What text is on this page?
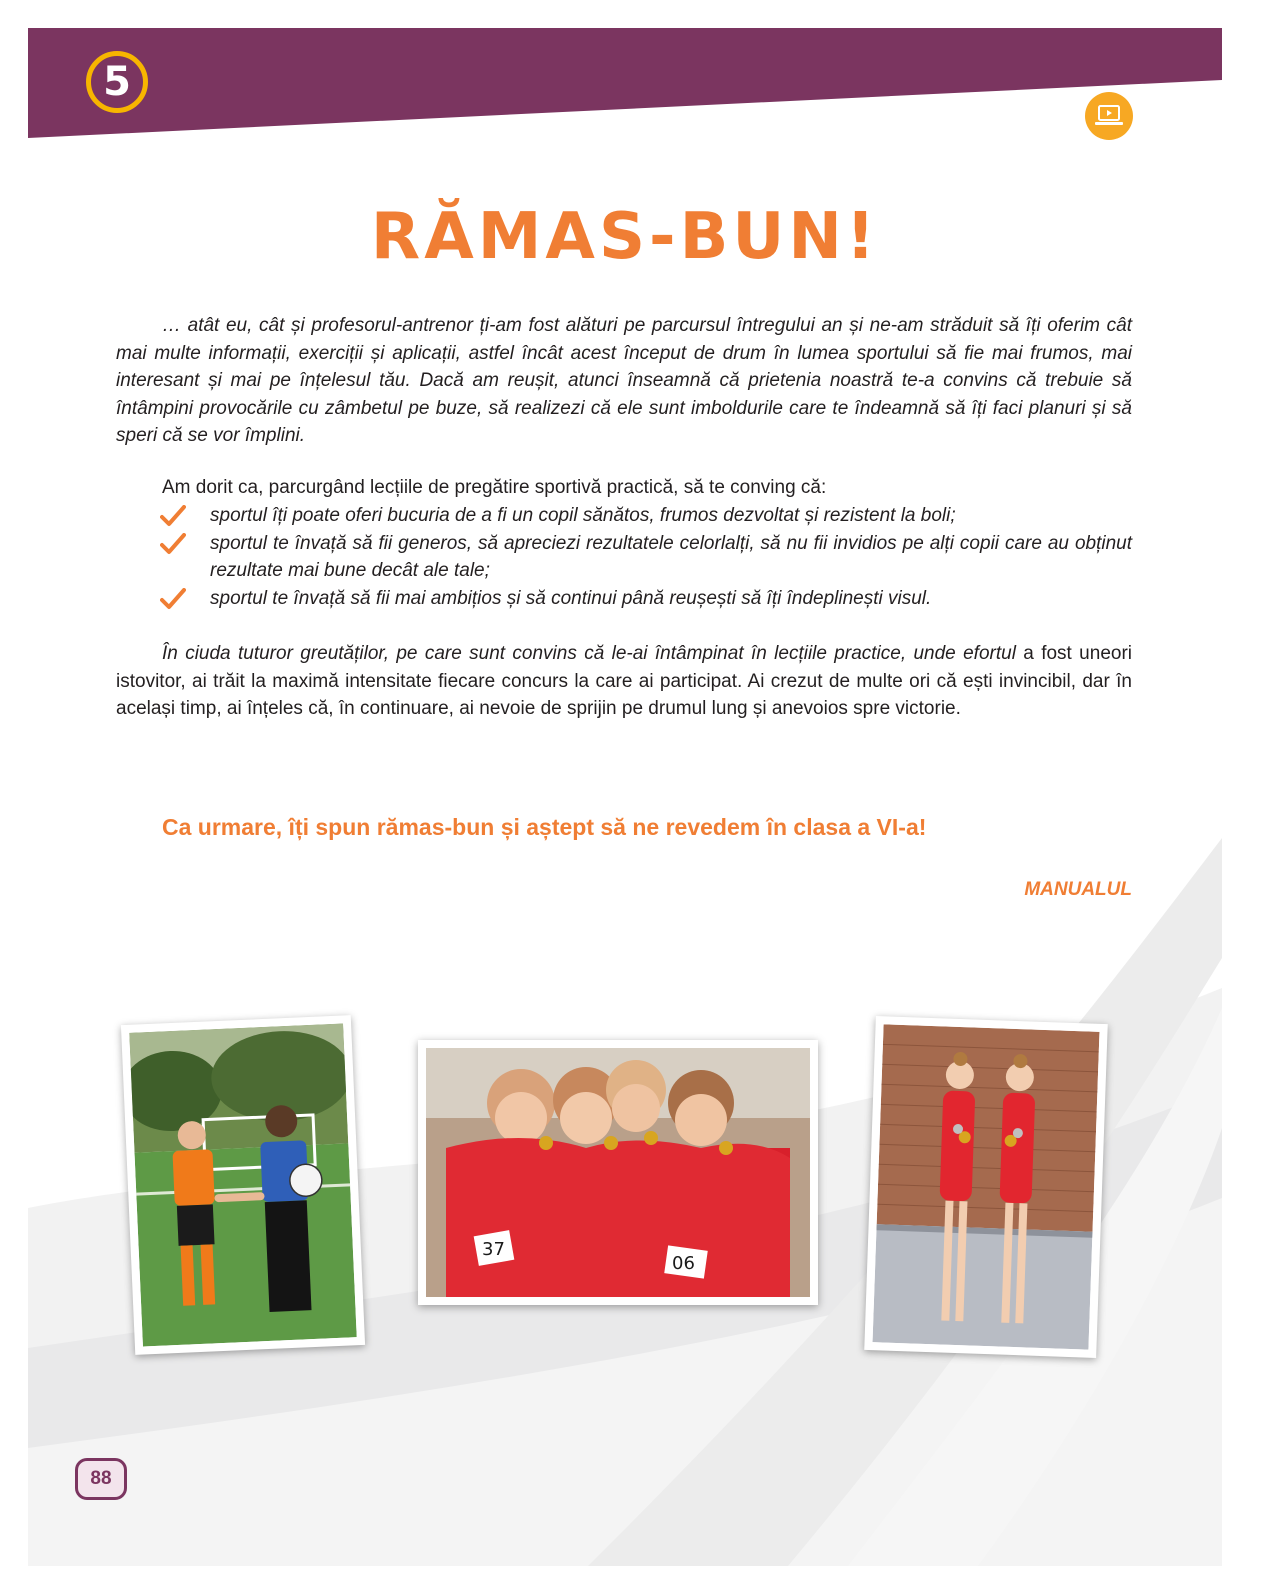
5
RĂMAS-BUN!

… atât eu, cât și profesorul-antrenor ți-am fost alături pe parcursul întregului an și ne-am străduit să îți oferim cât mai multe informații, exerciții și aplicații, astfel încât acest început de drum în lumea sportului să fie mai frumos, mai interesant și mai pe înțelesul tău. Dacă am reușit, atunci înseamnă că prietenia noastră te-a convins că trebuie să întâmpini provocările cu zâmbetul pe buze, să realizezi că ele sunt imboldurile care te îndeamnă să îți faci planuri și să speri că se vor împlini.

Am dorit ca, parcurgând lecțiile de pregătire sportivă practică, să te conving că:

sportul îți poate oferi bucuria de a fi un copil sănătos, frumos dezvoltat și rezistent la boli;
sportul te învață să fii generos, să apreciezi rezultatele celorlalți, să nu fii invidios pe alți copii care au obținut rezultate mai bune decât ale tale;
sportul te învață să fii mai ambițios și să continui până reușești să îți îndeplinești visul.

În ciuda tuturor greutăților, pe care sunt convins că le-ai întâmpinat în lecțiile practice, unde efortul a fost uneori istovitor, ai trăit la maximă intensitate fiecare concurs la care ai participat. Ai crezut de multe ori că ești invincibil, dar în același timp, ai înțeles că, în continuare, ai nevoie de sprijin pe drumul lung și anevoios spre victorie.

Ca urmare, îți spun rămas-bun și aștept să ne revedem în clasa a VI-a!
MANUALUL
37
06
88
